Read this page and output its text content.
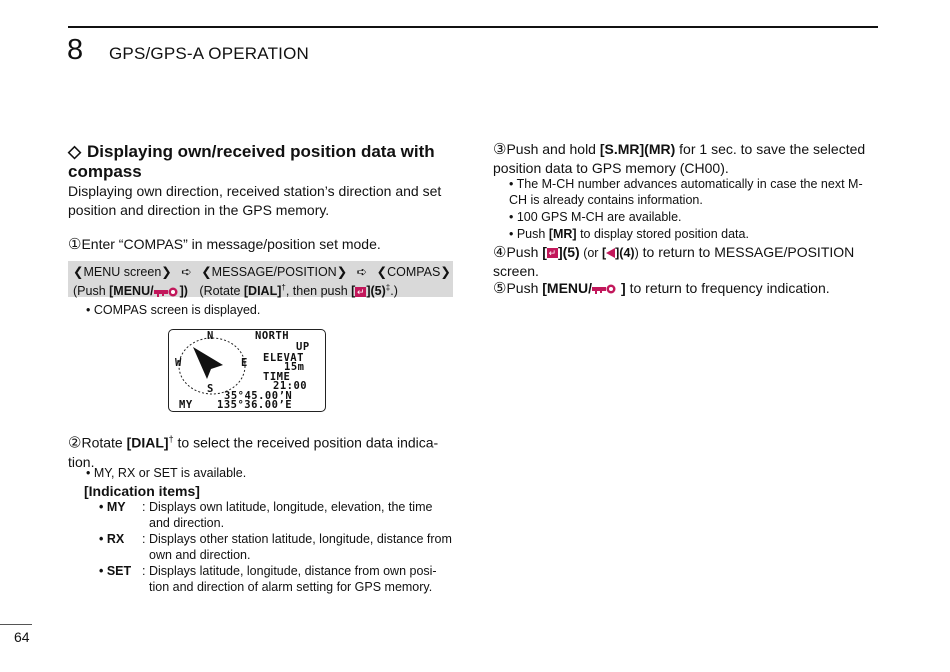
8 GPS/GPS-A OPERATION
◇ Displaying own/received position data with compass
Displaying own direction, received station’s direction and set position and direction in the GPS memory.
①Enter “COMPAS” in message/position set mode.
❮MENU screen❯ ➪ ❮MESSAGE/POSITION❯ ➪ ❮COMPAS❯
(Push [MENU/ ]) (Rotate [DIAL]†, then push [ ↵ ](5)‡.)
• COMPAS screen is displayed.
N
S
E
W
NORTH
UP
ELEVAT
15m
TIME
21:00
35°45.00’N
MY 135°36.00’E
②Rotate [DIAL]† to select the received position data indica-tion.
• MY, RX or SET is available.
[Indication items]
• MY : Displays own latitude, longitude, elevation, the time and direction.
• RX : Displays other station latitude, longitude, distance from own and direction.
• SET : Displays latitude, longitude, distance from own posi-tion and direction of alarm setting for GPS memory.
③Push and hold [S.MR](MR) for 1 sec. to save the selected position data to GPS memory (CH00).
• The M-CH number advances automatically in case the next M-CH is already contains information.
• 100 GPS M-CH are available.
• Push [MR] to display stored position data.
④Push [ ↵ ](5) (or [ ](4)) to return to MESSAGE/POSITION screen.
⑤Push [MENU/ ] to return to frequency indication.
64
